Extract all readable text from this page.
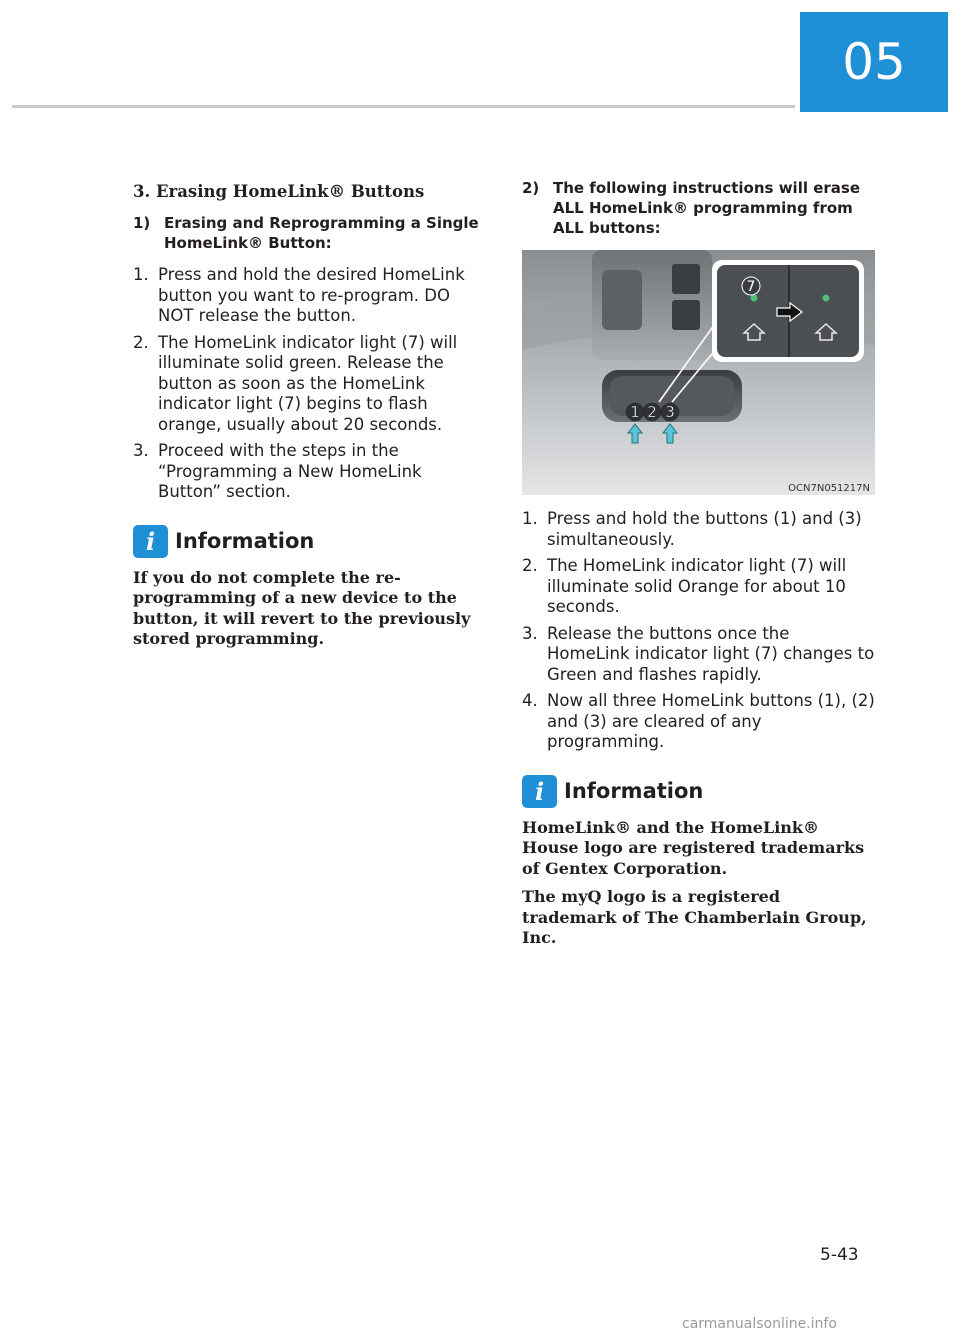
05
3. Erasing HomeLink® Buttons
1) Erasing and Reprogramming a Single HomeLink® Button:
1. Press and hold the desired HomeLink button you want to re-program. DO NOT release the button.
2. The HomeLink indicator light (7) will illuminate solid green. Release the button as soon as the HomeLink indicator light (7) begins to flash orange, usually about 20 seconds.
3. Proceed with the steps in the “Programming a New HomeLink Button” section.
i Information

If you do not complete the re-programming of a new device to the button, it will revert to the previously stored programming.

2) The following instructions will erase ALL HomeLink® programming from ALL buttons:
7
1 2 3
OCN7N051217N
1. Press and hold the buttons (1) and (3) simultaneously.
2. The HomeLink indicator light (7) will illuminate solid Orange for about 10 seconds.
3. Release the buttons once the HomeLink indicator light (7) changes to Green and flashes rapidly.
4. Now all three HomeLink buttons (1), (2) and (3) are cleared of any programming.
i Information

HomeLink® and the HomeLink® House logo are registered trademarks of Gentex Corporation.

The myQ logo is a registered trademark of The Chamberlain Group, Inc.

5-43
carmanualsonline.info
